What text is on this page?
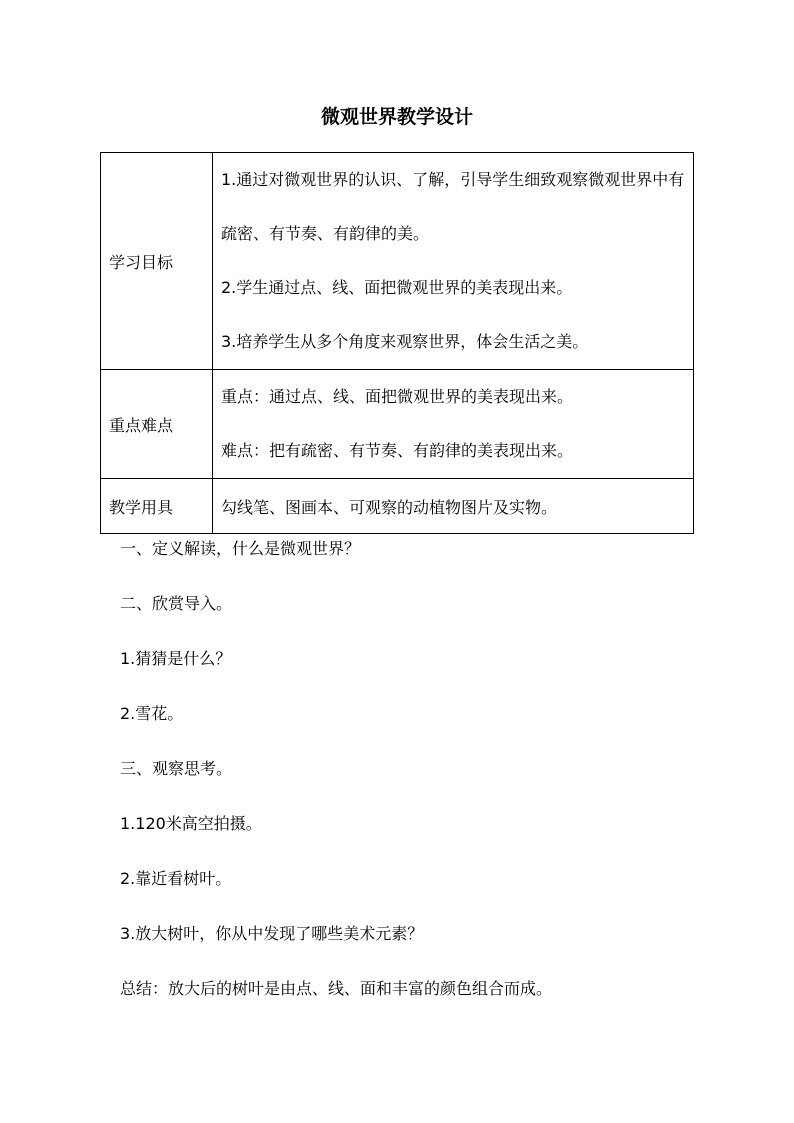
微观世界教学设计
学习目标	1.通过对微观世界的认识、了解，引导学生细致观察微观世界中有疏密、有节奏、有韵律的美。

2.学生通过点、线、面把微观世界的美表现出来。

3.培养学生从多个角度来观察世界，体会生活之美。

重点难点	重点：通过点、线、面把微观世界的美表现出来。

难点：把有疏密、有节奏、有韵律的美表现出来。

教学用具	勾线笔、图画本、可观察的动植物图片及实物。

一、定义解读，什么是微观世界？

二、欣赏导入。

1.猜猜是什么？

2.雪花。

三、观察思考。

1.120米高空拍摄。

2.靠近看树叶。

3.放大树叶，你从中发现了哪些美术元素？

总结：放大后的树叶是由点、线、面和丰富的颜色组合而成。
